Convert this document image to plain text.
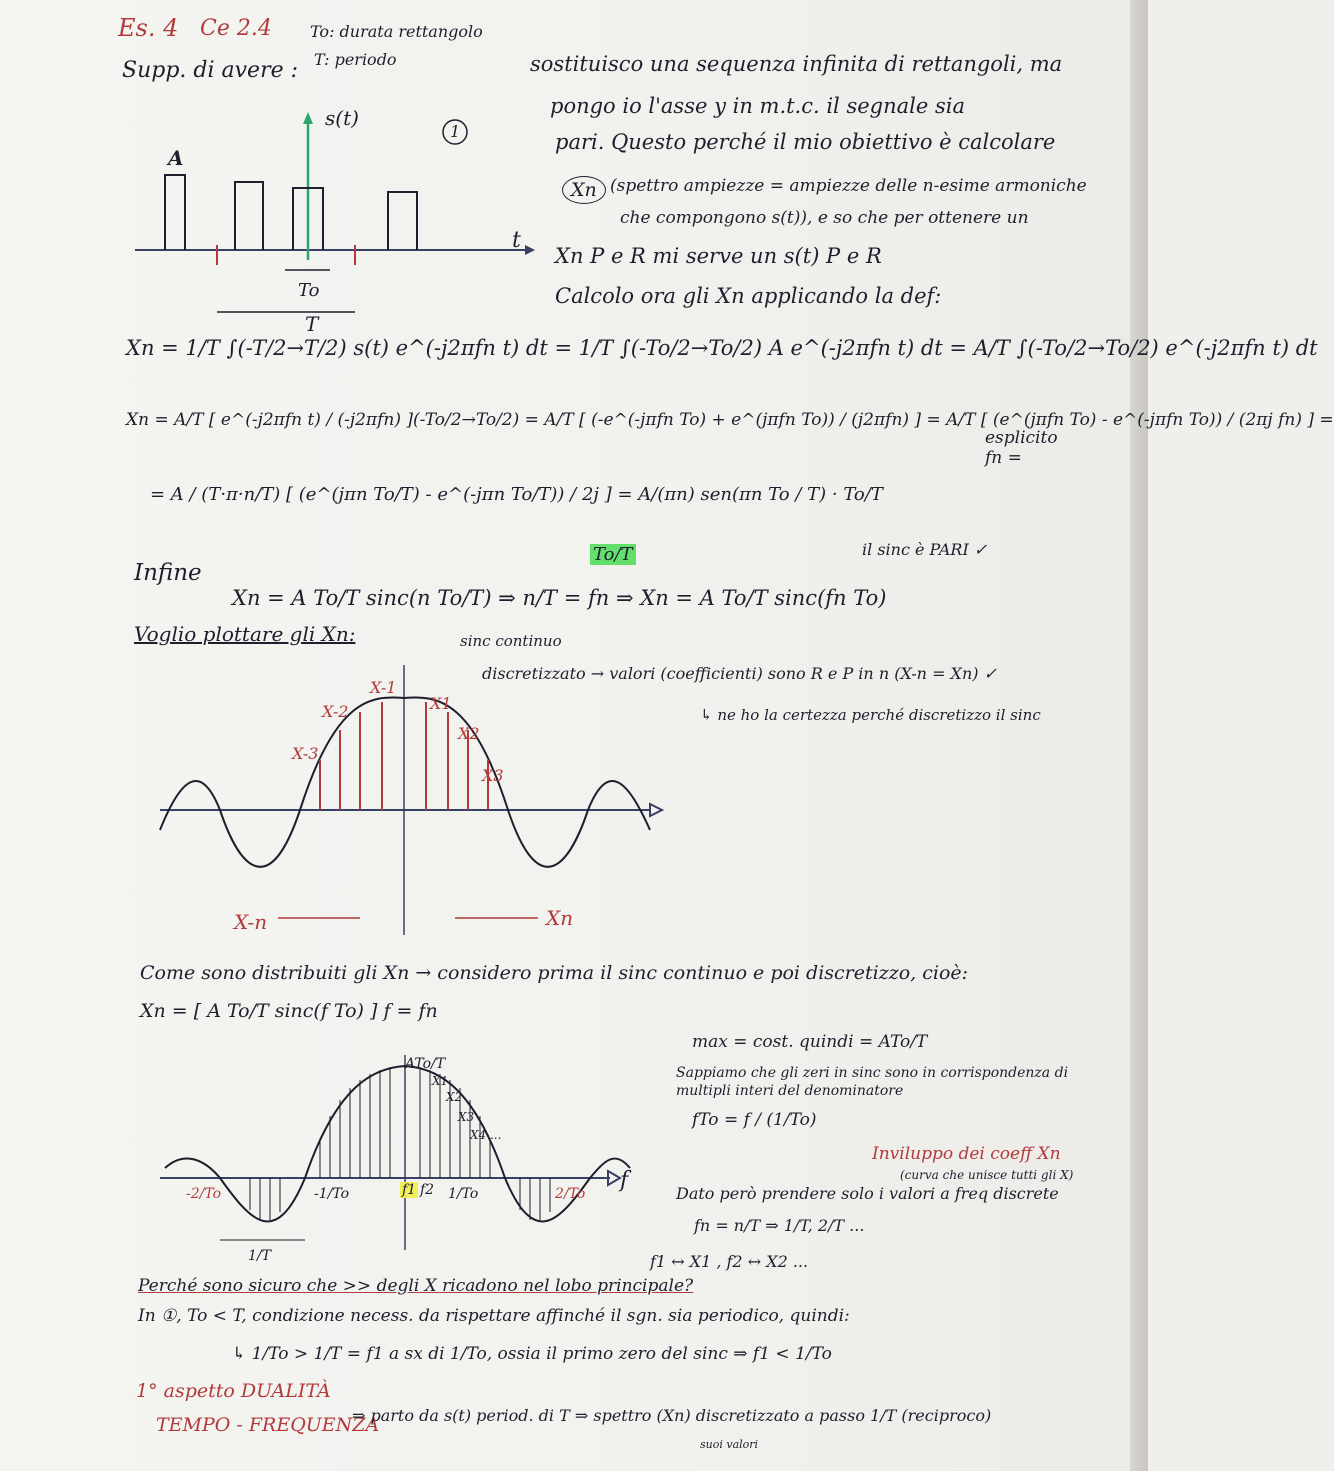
Es. 4 Ce 2.4 To: durata rettangolo
T: periodo
Supp. di avere :
s(t)
A
t
To
T
1
sostituisco una sequenza infinita di rettangoli, ma
pongo io l'asse y in m.t.c. il segnale sia
pari. Questo perché il mio obiettivo è calcolare
Xn (spettro ampiezze = ampiezze delle n-esime armoniche
che compongono s(t)), e so che per ottenere un
Xn P e R mi serve un s(t) P e R
Calcolo ora gli Xn applicando la def:
Xn = 1/T ∫(-T/2→T/2) s(t) e^(-j2πfn t) dt = 1/T ∫(-To/2→To/2) A e^(-j2πfn t) dt = A/T ∫(-To/2→To/2) e^(-j2πfn t) dt
Xn = A/T [ e^(-j2πfn t) / (-j2πfn) ](-To/2→To/2) = A/T [ (-e^(-jπfn To) + e^(jπfn To)) / (j2πfn) ] = A/T [ (e^(jπfn To) - e^(-jπfn To)) / (2πj fn) ] =
esplicito fn =
= A / (T·π·n/T) [ (e^(jπn To/T) - e^(-jπn To/T)) / 2j ] = A/(πn) sen(πn To / T) · To/T
To/T
Infine
Xn = A To/T sinc(n To/T) ⇒ n/T = fn ⇒ Xn = A To/T sinc(fn To)
il sinc è PARI ✓
Voglio plottare gli Xn:	sinc continuo
discretizzato → valori (coefficienti) sono R e P in n (X-n = Xn) ✓
↳ ne ho la certezza perché discretizzo il sinc
X-1
X1
X-2
X2
X-3
X3
X-n	Xn
Come sono distribuiti gli Xn → considero prima il sinc continuo e poi discretizzo, cioè:
Xn = [ A To/T sinc(f To) ] f = fn
ATo/T
X1
X2
X3
X4 ...
-2/To	-1/To	f1 f2 1/To	2/To
1/T
f
max = cost. quindi = ATo/T
Sappiamo che gli zeri in sinc sono in corrispondenza di multipli interi del denominatore
fTo = f / (1/To)
Inviluppo dei coeff Xn
(curva che unisce tutti gli X)
Dato però prendere solo i valori a freq discrete
fn = n/T ⇒ 1/T, 2/T ...
f1 ↔ X1 , f2 ↔ X2 ...
Perché sono sicuro che >> degli X ricadono nel lobo principale?
In ①, To < T, condizione necess. da rispettare affinché il sgn. sia periodico, quindi:
↳ 1/To > 1/T = f1 a sx di 1/To, ossia il primo zero del sinc ⇒ f1 < 1/To
1° aspetto DUALITÀ
TEMPO - FREQUENZA
⇒ parto da s(t) period. di T ⇒ spettro (Xn) discretizzato a passo 1/T (reciproco)
suoi valori
